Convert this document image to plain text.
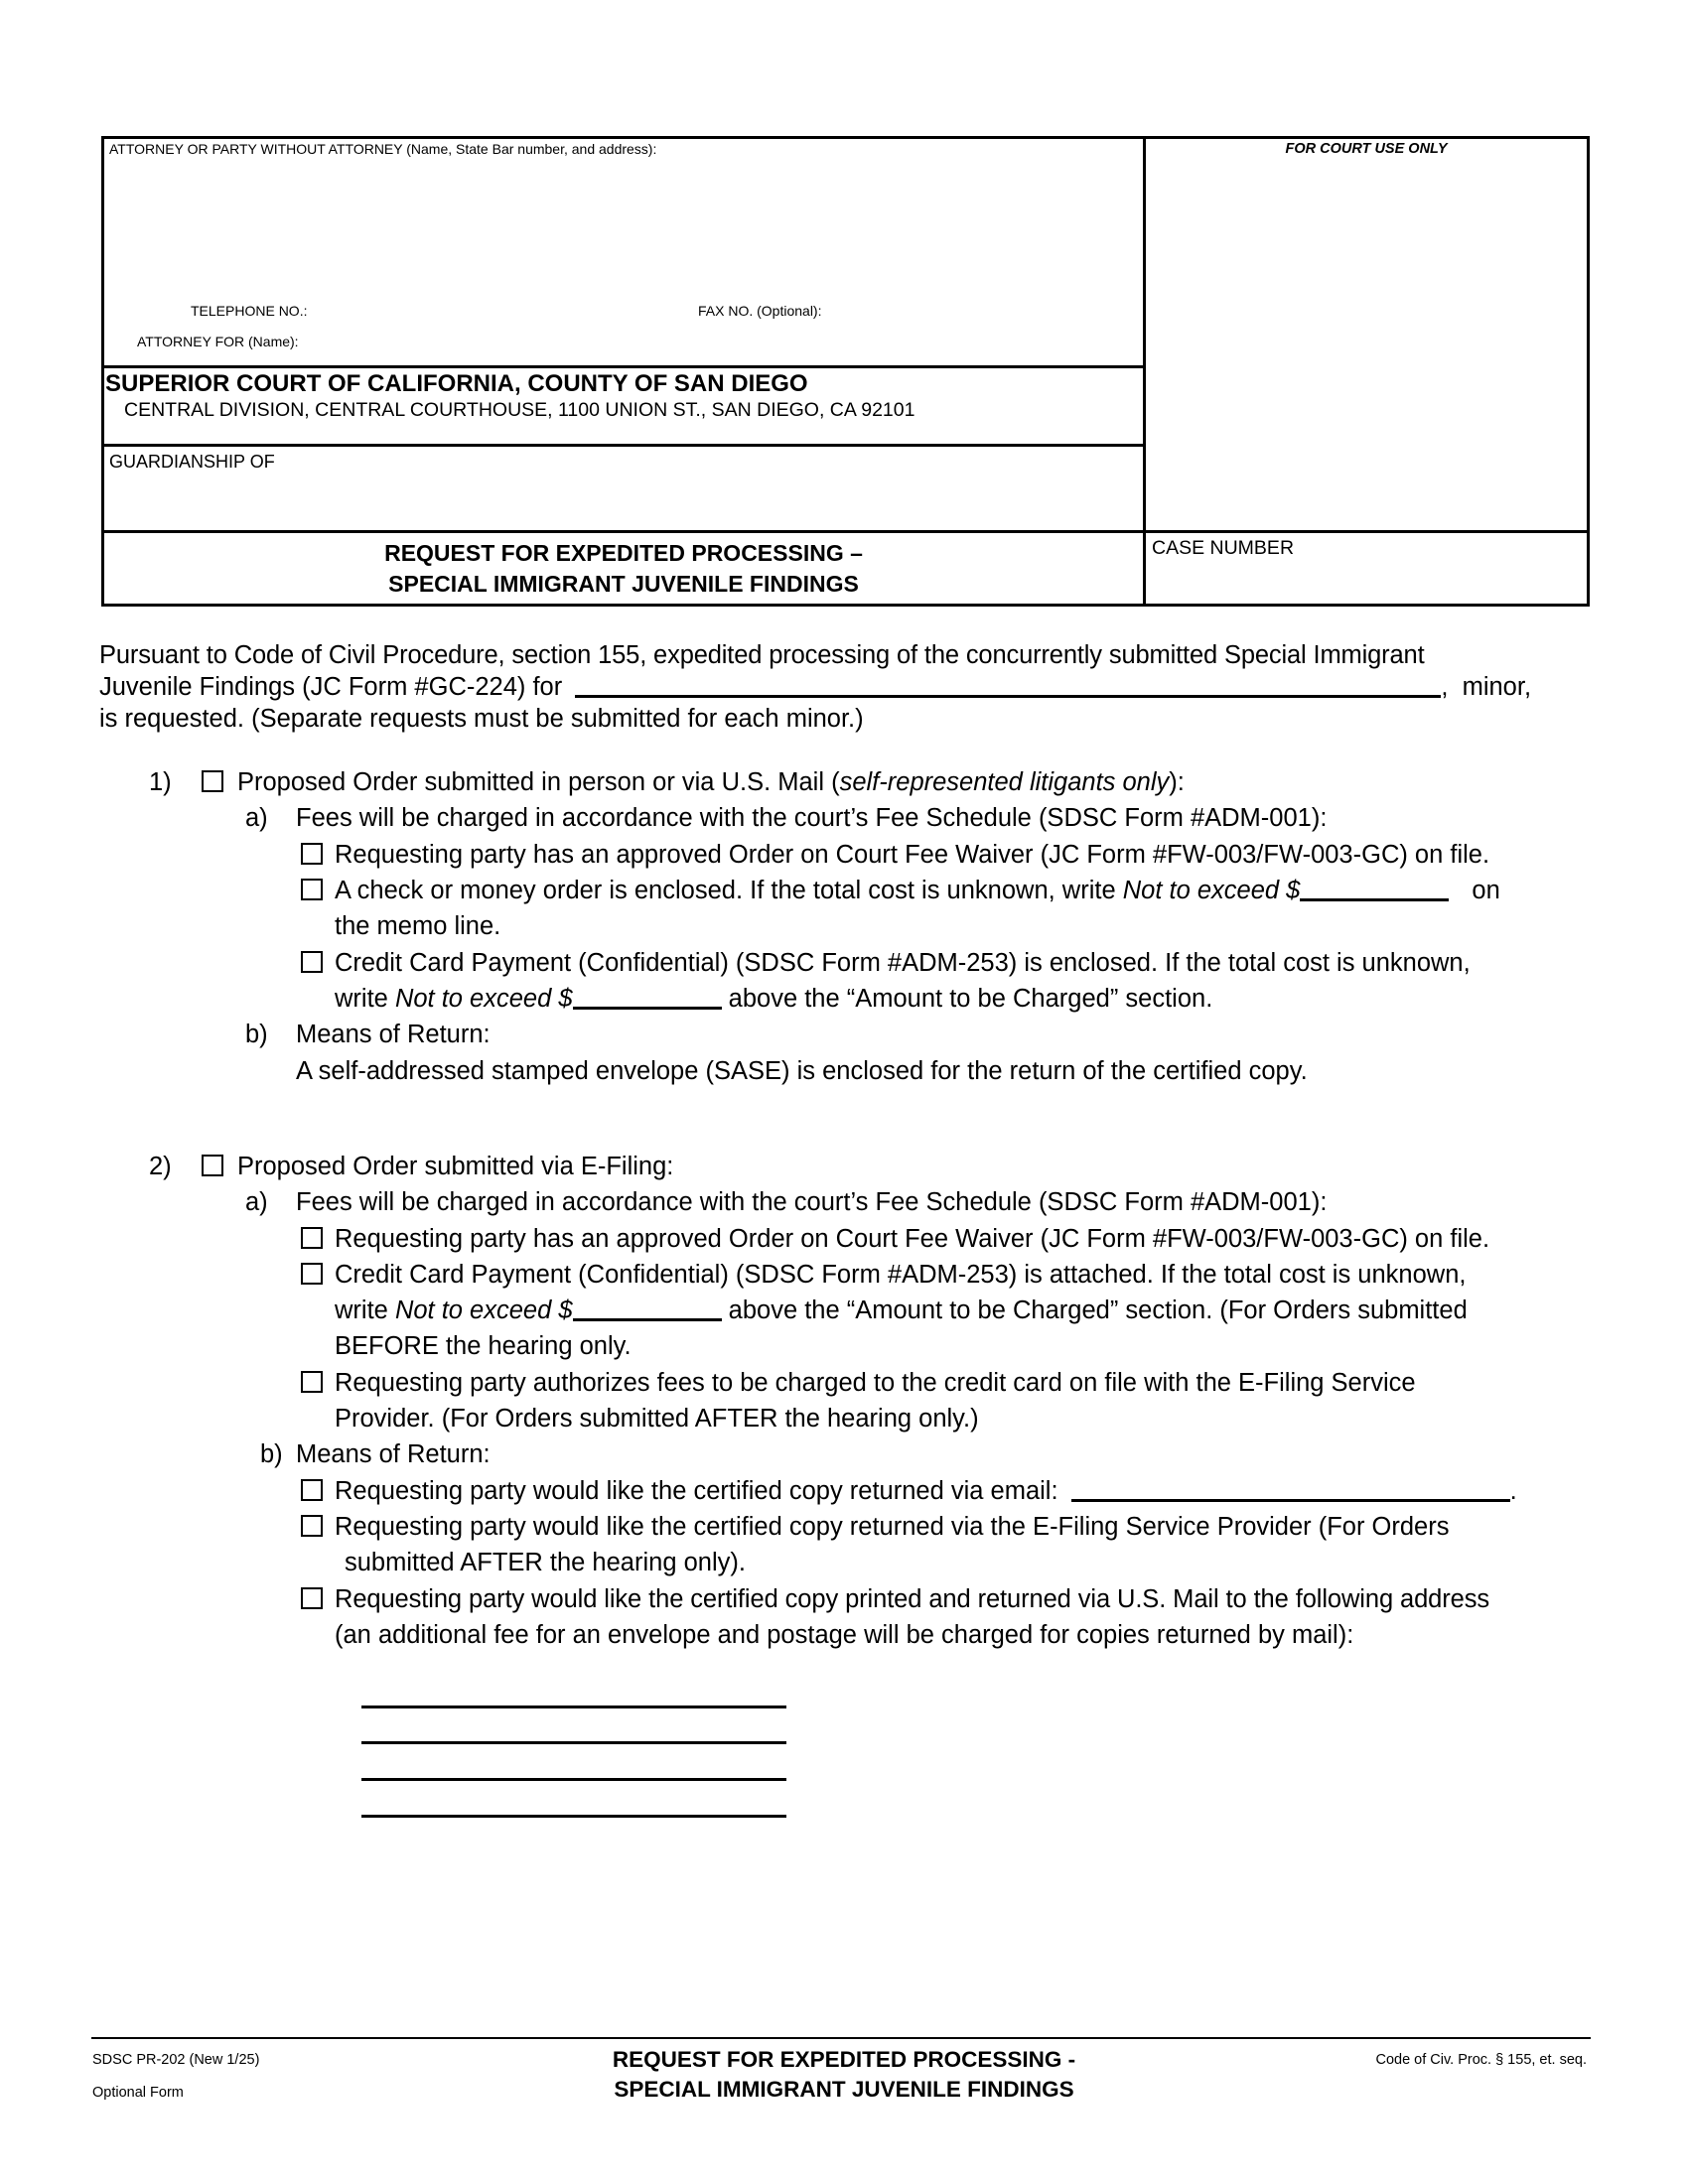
ATTORNEY OR PARTY WITHOUT ATTORNEY (Name, State Bar number, and address):
TELEPHONE NO.:	FAX NO. (Optional):
ATTORNEY FOR (Name):
SUPERIOR COURT OF CALIFORNIA, COUNTY OF SAN DIEGO
CENTRAL DIVISION, CENTRAL COURTHOUSE, 1100 UNION ST., SAN DIEGO, CA 92101
GUARDIANSHIP OF
REQUEST FOR EXPEDITED PROCESSING –
SPECIAL IMMIGRANT JUVENILE FINDINGS
FOR COURT USE ONLY
CASE NUMBER
Pursuant to Code of Civil Procedure, section 155, expedited processing of the concurrently submitted Special Immigrant
Juvenile Findings (JC Form #GC-224) for	,  minor,
is requested. (Separate requests must be submitted for each minor.)
1)	Proposed Order submitted in person or via U.S. Mail (self-represented litigants only):
a) Fees will be charged in accordance with the court’s Fee Schedule (SDSC Form #ADM-001):
Requesting party has an approved Order on Court Fee Waiver (JC Form #FW-003/FW-003-GC) on file.
A check or money order is enclosed. If the total cost is unknown, write Not to exceed $	on
the memo line.
Credit Card Payment (Confidential) (SDSC Form #ADM-253) is enclosed. If the total cost is unknown,
write Not to exceed $	above the “Amount to be Charged” section.
b) Means of Return:
A self-addressed stamped envelope (SASE) is enclosed for the return of the certified copy.
2)	Proposed Order submitted via E-Filing:
a) Fees will be charged in accordance with the court’s Fee Schedule (SDSC Form #ADM-001):
Requesting party has an approved Order on Court Fee Waiver (JC Form #FW-003/FW-003-GC) on file.
Credit Card Payment (Confidential) (SDSC Form #ADM-253) is attached. If the total cost is unknown,
write Not to exceed $	above the “Amount to be Charged” section. (For Orders submitted
BEFORE the hearing only.
Requesting party authorizes fees to be charged to the credit card on file with the E-Filing Service
Provider. (For Orders submitted AFTER the hearing only.)
b) Means of Return:
Requesting party would like the certified copy returned via email:	.
Requesting party would like the certified copy returned via the E-Filing Service Provider (For Orders
submitted AFTER the hearing only).
Requesting party would like the certified copy printed and returned via U.S. Mail to the following address
(an additional fee for an envelope and postage will be charged for copies returned by mail):
SDSC PR-202 (New 1/25)
Optional Form
REQUEST FOR EXPEDITED PROCESSING -
SPECIAL IMMIGRANT JUVENILE FINDINGS
Code of Civ. Proc. § 155, et. seq.
